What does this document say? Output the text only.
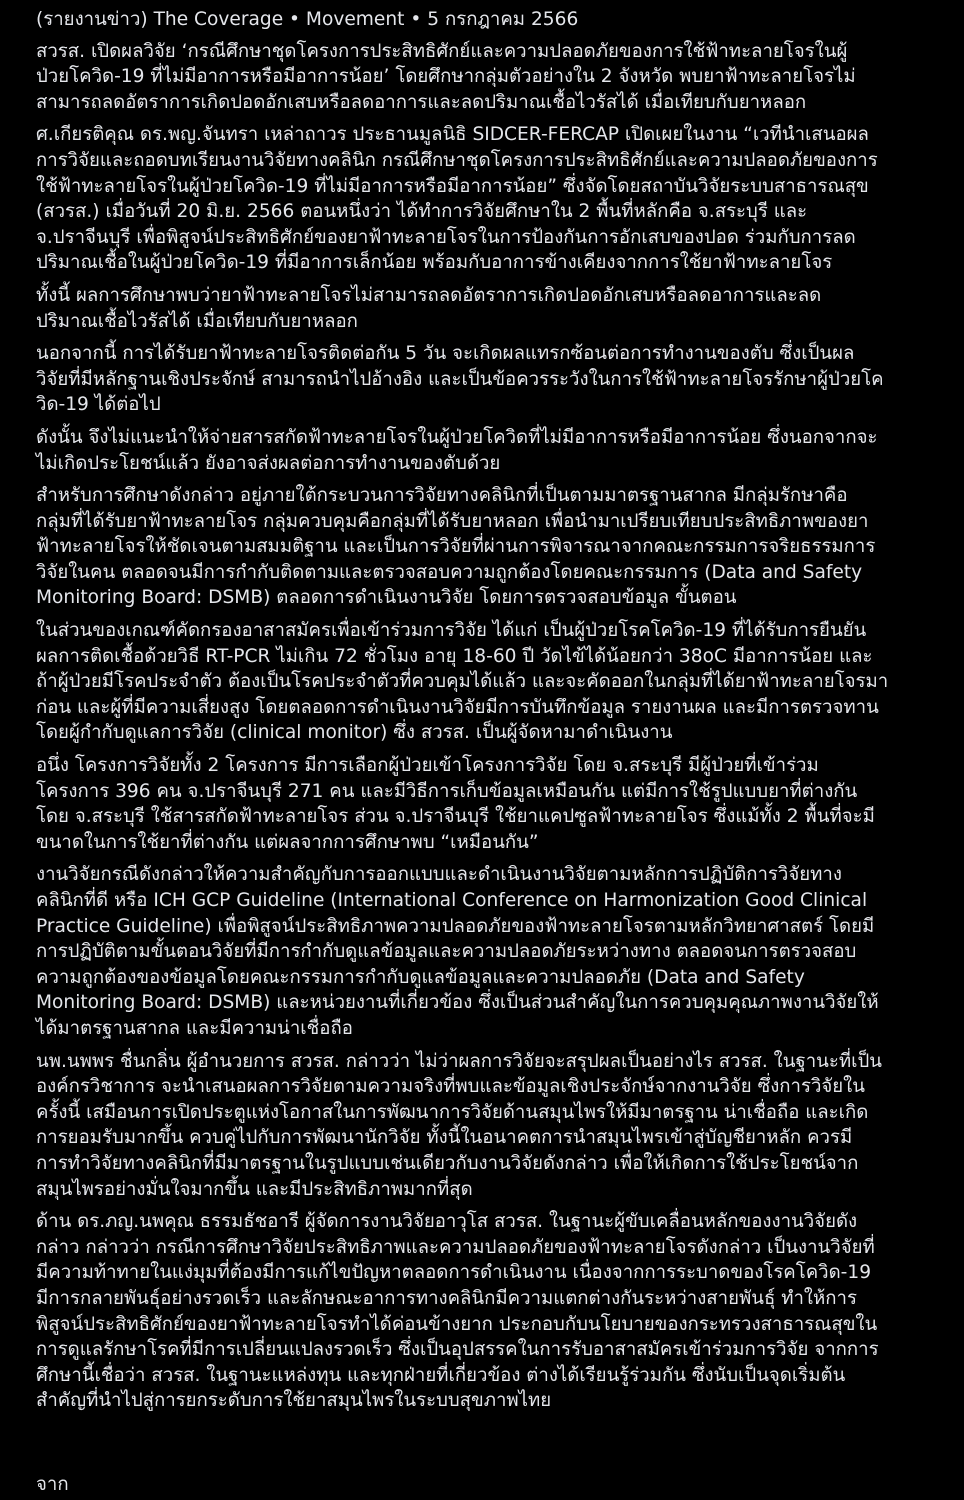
(รายงานข่าว) The Coverage • Movement • 5 กรกฎาคม 2566
สวรส. เปิดผลวิจัย ‘กรณีศึกษาชุดโครงการประสิทธิศักย์และความปลอดภัยของการใช้ฟ้าทะลายโจรในผู้
ป่วยโควิด-19 ที่ไม่มีอาการหรือมีอาการน้อย’ โดยศึกษากลุ่มตัวอย่างใน 2 จังหวัด พบยาฟ้าทะลายโจรไม่
สามารถลดอัตราการเกิดปอดอักเสบหรือลดอาการและลดปริมาณเชื้อไวรัสได้ เมื่อเทียบกับยาหลอก
ศ.เกียรติคุณ ดร.พญ.จันทรา เหล่าถาวร ประธานมูลนิธิ SIDCER-FERCAP เปิดเผยในงาน “เวทีนำเสนอผล
การวิจัยและถอดบทเรียนงานวิจัยทางคลินิก กรณีศึกษาชุดโครงการประสิทธิศักย์และความปลอดภัยของการ
ใช้ฟ้าทะลายโจรในผู้ป่วยโควิด-19 ที่ไม่มีอาการหรือมีอาการน้อย” ซึ่งจัดโดยสถาบันวิจัยระบบสาธารณสุข
(สวรส.) เมื่อวันที่ 20 มิ.ย. 2566 ตอนหนึ่งว่า ได้ทำการวิจัยศึกษาใน 2 พื้นที่หลักคือ จ.สระบุรี และ
จ.ปราจีนบุรี เพื่อพิสูจน์ประสิทธิศักย์ของยาฟ้าทะลายโจรในการป้องกันการอักเสบของปอด ร่วมกับการลด
ปริมาณเชื้อในผู้ป่วยโควิด-19 ที่มีอาการเล็กน้อย พร้อมกับอาการข้างเคียงจากการใช้ยาฟ้าทะลายโจร
ทั้งนี้ ผลการศึกษาพบว่ายาฟ้าทะลายโจรไม่สามารถลดอัตราการเกิดปอดอักเสบหรือลดอาการและลด
ปริมาณเชื้อไวรัสได้ เมื่อเทียบกับยาหลอก
นอกจากนี้ การได้รับยาฟ้าทะลายโจรติดต่อกัน 5 วัน จะเกิดผลแทรกซ้อนต่อการทำงานของตับ ซึ่งเป็นผล
วิจัยที่มีหลักฐานเชิงประจักษ์ สามารถนำไปอ้างอิง และเป็นข้อควรระวังในการใช้ฟ้าทะลายโจรรักษาผู้ป่วยโค
วิด-19 ได้ต่อไป
ดังนั้น จึงไม่แนะนำให้จ่ายสารสกัดฟ้าทะลายโจรในผู้ป่วยโควิดที่ไม่มีอาการหรือมีอาการน้อย ซึ่งนอกจากจะ
ไม่เกิดประโยชน์แล้ว ยังอาจส่งผลต่อการทำงานของตับด้วย
สำหรับการศึกษาดังกล่าว อยู่ภายใต้กระบวนการวิจัยทางคลินิกที่เป็นตามมาตรฐานสากล มีกลุ่มรักษาคือ
กลุ่มที่ได้รับยาฟ้าทะลายโจร กลุ่มควบคุมคือกลุ่มที่ได้รับยาหลอก เพื่อนำมาเปรียบเทียบประสิทธิภาพของยา
ฟ้าทะลายโจรให้ชัดเจนตามสมมติฐาน และเป็นการวิจัยที่ผ่านการพิจารณาจากคณะกรรมการจริยธรรมการ
วิจัยในคน ตลอดจนมีการกำกับติดตามและตรวจสอบความถูกต้องโดยคณะกรรมการ (Data and Safety
Monitoring Board: DSMB) ตลอดการดำเนินงานวิจัย โดยการตรวจสอบข้อมูล ขั้นตอน
ในส่วนของเกณฑ์คัดกรองอาสาสมัครเพื่อเข้าร่วมการวิจัย ได้แก่ เป็นผู้ป่วยโรคโควิด-19 ที่ได้รับการยืนยัน
ผลการติดเชื้อด้วยวิธี RT-PCR ไม่เกิน 72 ชั่วโมง อายุ 18-60 ปี วัดไข้ได้น้อยกว่า 38oC มีอาการน้อย และ
ถ้าผู้ป่วยมีโรคประจำตัว ต้องเป็นโรคประจำตัวที่ควบคุมได้แล้ว และจะคัดออกในกลุ่มที่ได้ยาฟ้าทะลายโจรมา
ก่อน และผู้ที่มีความเสี่ยงสูง โดยตลอดการดำเนินงานวิจัยมีการบันทึกข้อมูล รายงานผล และมีการตรวจทาน
โดยผู้กำกับดูแลการวิจัย (clinical monitor) ซึ่ง สวรส. เป็นผู้จัดหามาดำเนินงาน
อนึ่ง โครงการวิจัยทั้ง 2 โครงการ มีการเลือกผู้ป่วยเข้าโครงการวิจัย โดย จ.สระบุรี มีผู้ป่วยที่เข้าร่วม
โครงการ 396 คน จ.ปราจีนบุรี 271 คน และมีวิธีการเก็บข้อมูลเหมือนกัน แต่มีการใช้รูปแบบยาที่ต่างกัน
โดย จ.สระบุรี ใช้สารสกัดฟ้าทะลายโจร ส่วน จ.ปราจีนบุรี ใช้ยาแคปซูลฟ้าทะลายโจร ซึ่งแม้ทั้ง 2 พื้นที่จะมี
ขนาดในการใช้ยาที่ต่างกัน แต่ผลจากการศึกษาพบ “เหมือนกัน”
งานวิจัยกรณีดังกล่าวให้ความสำคัญกับการออกแบบและดำเนินงานวิจัยตามหลักการปฏิบัติการวิจัยทาง
คลินิกที่ดี หรือ ICH GCP Guideline (International Conference on Harmonization Good Clinical
Practice Guideline) เพื่อพิสูจน์ประสิทธิภาพความปลอดภัยของฟ้าทะลายโจรตามหลักวิทยาศาสตร์ โดยมี
การปฏิบัติตามขั้นตอนวิจัยที่มีการกำกับดูแลข้อมูลและความปลอดภัยระหว่างทาง ตลอดจนการตรวจสอบ
ความถูกต้องของข้อมูลโดยคณะกรรมการกำกับดูแลข้อมูลและความปลอดภัย (Data and Safety
Monitoring Board: DSMB) และหน่วยงานที่เกี่ยวข้อง ซึ่งเป็นส่วนสำคัญในการควบคุมคุณภาพงานวิจัยให้
ได้มาตรฐานสากล และมีความน่าเชื่อถือ
นพ.นพพร ชื่นกลิ่น ผู้อำนวยการ สวรส. กล่าวว่า ไม่ว่าผลการวิจัยจะสรุปผลเป็นอย่างไร สวรส. ในฐานะที่เป็น
องค์กรวิชาการ จะนำเสนอผลการวิจัยตามความจริงที่พบและข้อมูลเชิงประจักษ์จากงานวิจัย ซึ่งการวิจัยใน
ครั้งนี้ เสมือนการเปิดประตูแห่งโอกาสในการพัฒนาการวิจัยด้านสมุนไพรให้มีมาตรฐาน น่าเชื่อถือ และเกิด
การยอมรับมากขึ้น ควบคู่ไปกับการพัฒนานักวิจัย ทั้งนี้ในอนาคตการนำสมุนไพรเข้าสู่บัญชียาหลัก ควรมี
การทำวิจัยทางคลินิกที่มีมาตรฐานในรูปแบบเช่นเดียวกับงานวิจัยดังกล่าว เพื่อให้เกิดการใช้ประโยชน์จาก
สมุนไพรอย่างมั่นใจมากขึ้น และมีประสิทธิภาพมากที่สุด
ด้าน ดร.ภญ.นพคุณ ธรรมธัชอารี ผู้จัดการงานวิจัยอาวุโส สวรส. ในฐานะผู้ขับเคลื่อนหลักของงานวิจัยดัง
กล่าว กล่าวว่า กรณีการศึกษาวิจัยประสิทธิภาพและความปลอดภัยของฟ้าทะลายโจรดังกล่าว เป็นงานวิจัยที่
มีความท้าทายในแง่มุมที่ต้องมีการแก้ไขปัญหาตลอดการดำเนินงาน เนื่องจากการระบาดของโรคโควิด-19
มีการกลายพันธุ์อย่างรวดเร็ว และลักษณะอาการทางคลินิกมีความแตกต่างกันระหว่างสายพันธุ์ ทำให้การ
พิสูจน์ประสิทธิศักย์ของยาฟ้าทะลายโจรทำได้ค่อนข้างยาก ประกอบกับนโยบายของกระทรวงสาธารณสุขใน
การดูแลรักษาโรคที่มีการเปลี่ยนแปลงรวดเร็ว ซึ่งเป็นอุปสรรคในการรับอาสาสมัครเข้าร่วมการวิจัย จากการ
ศึกษานี้เชื่อว่า สวรส. ในฐานะแหล่งทุน และทุกฝ่ายที่เกี่ยวข้อง ต่างได้เรียนรู้ร่วมกัน ซึ่งนับเป็นจุดเริ่มต้น
สำคัญที่นำไปสู่การยกระดับการใช้ยาสมุนไพรในระบบสุขภาพไทย
จาก
